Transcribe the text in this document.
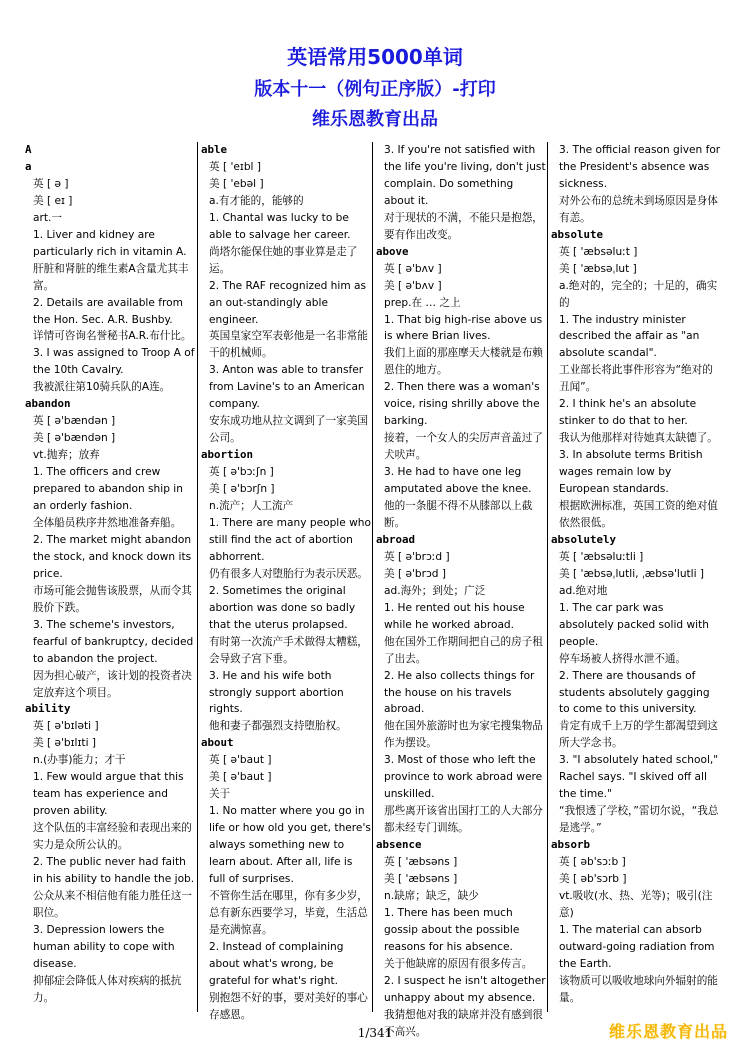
英语常用5000单词
版本十一（例句正序版）-打印
维乐恩教育出品
A
a
英 [ ə ]
美 [ eɪ ]
art.一
1. Liver and kidney are particularly rich in vitamin A.
肝脏和肾脏的维生素A含量尤其丰富。
2. Details are available from the Hon. Sec. A.R. Bushby.
详情可咨询名誉秘书A.R.布什比。
3. I was assigned to Troop A of the 10th Cavalry.
我被派往第10骑兵队的A连。
abandon
英 [ ə'bændən ]
美 [ ə'bændən ]
vt.抛弃；放弃
1. The officers and crew prepared to abandon ship in an orderly fashion.
全体船员秩序井然地准备弃船。
2. The market might abandon the stock, and knock down its price.
市场可能会抛售该股票，从而令其股价下跌。
3. The scheme's investors, fearful of bankruptcy, decided to abandon the project.
因为担心破产，该计划的投资者决定放弃这个项目。
ability
英 [ ə'bɪləti ]
美 [ ə'bɪlɪti ]
n.(办事)能力；才干
1. Few would argue that this team has experience and proven ability.
这个队伍的丰富经验和表现出来的实力是众所公认的。
2. The public never had faith in his ability to handle the job.
公众从来不相信他有能力胜任这一职位。
3. Depression lowers the human ability to cope with disease.
抑郁症会降低人体对疾病的抵抗力。
able
英 [ 'eɪbl ]
美 [ 'ebəl ]
a.有才能的，能够的
1. Chantal was lucky to be able to salvage her career.
尚塔尔能保住她的事业算是走了运。
2. The RAF recognized him as an out-standingly able engineer.
英国皇家空军表彰他是一名非常能干的机械师。
3. Anton was able to transfer from Lavine's to an American company.
安东成功地从拉文调到了一家美国公司。
abortion
英 [ ə'bɔːʃn ]
美 [ ə'bɔrʃn ]
n.流产；人工流产
1. There are many people who still find the act of abortion abhorrent.
仍有很多人对堕胎行为表示厌恶。
2. Sometimes the original abortion was done so badly that the uterus prolapsed.
有时第一次流产手术做得太糟糕，会导致子宫下垂。
3. He and his wife both strongly support abortion rights.
他和妻子都强烈支持堕胎权。
about
英 [ ə'baut ]
美 [ ə'baut ]
关于
1. No matter where you go in life or how old you get, there's always something new to learn about. After all, life is full of surprises.
不管你生活在哪里，你有多少岁，总有新东西要学习，毕竟，生活总是充满惊喜。
2. Instead of complaining about what's wrong, be grateful for what's right.
别抱怨不好的事，要对美好的事心存感恩。
3. If you're not satisfied with the life you're living, don't just complain. Do something about it.
对于现状的不满，不能只是抱怨，要有作出改变。
above
英 [ ə'bʌv ]
美 [ ə'bʌv ]
prep.在 … 之上
1. That big high-rise above us is where Brian lives.
我们上面的那座摩天大楼就是布赖恩住的地方。
2. Then there was a woman's voice, rising shrilly above the barking.
接着，一个女人的尖厉声音盖过了犬吠声。
3. He had to have one leg amputated above the knee.
他的一条腿不得不从膝部以上截断。
abroad
英 [ ə'brɔːd ]
美 [ ə'brɔd ]
ad.海外；到处；广泛
1. He rented out his house while he worked abroad.
他在国外工作期间把自己的房子租了出去。
2. He also collects things for the house on his travels abroad.
他在国外旅游时也为家宅搜集物品作为摆设。
3. Most of those who left the province to work abroad were unskilled.
那些离开该省出国打工的人大部分都未经专门训练。
absence
英 [ 'æbsəns ]
美 [ 'æbsəns ]
n.缺席；缺乏，缺少
1. There has been much gossip about the possible reasons for his absence.
关于他缺席的原因有很多传言。
2. I suspect he isn't altogether unhappy about my absence.
我猜想他对我的缺席并没有感到很不高兴。
3. The official reason given for the President's absence was sickness.
对外公布的总统未到场原因是身体有恙。
absolute
英 [ 'æbsəluːt ]
美 [ 'æbsəˌlut ]
a.绝对的，完全的；十足的，确实的
1. The industry minister described the affair as "an absolute scandal".
工业部长将此事件形容为“绝对的丑闻”。
2. I think he's an absolute stinker to do that to her.
我认为他那样对待她真太缺德了。
3. In absolute terms British wages remain low by European standards.
根据欧洲标准，英国工资的绝对值依然很低。
absolutely
英 [ 'æbsəluːtli ]
美 [ 'æbsəˌlutli, ˌæbsə'lutli ]
ad.绝对地
1. The car park was absolutely packed solid with people.
停车场被人挤得水泄不通。
2. There are thousands of students absolutely gagging to come to this university.
肯定有成千上万的学生都渴望到这所大学念书。
3. "I absolutely hated school," Rachel says. "I skived off all the time."
“我恨透了学校，”雷切尔说，“我总是逃学。”
absorb
英 [ əb'sɔːb ]
美 [ əb'sɔrb ]
vt.吸收(水、热、光等)；吸引(注意)
1. The material can absorb outward-going radiation from the Earth.
该物质可以吸收地球向外辐射的能量。
1/341	维乐恩教育出品
